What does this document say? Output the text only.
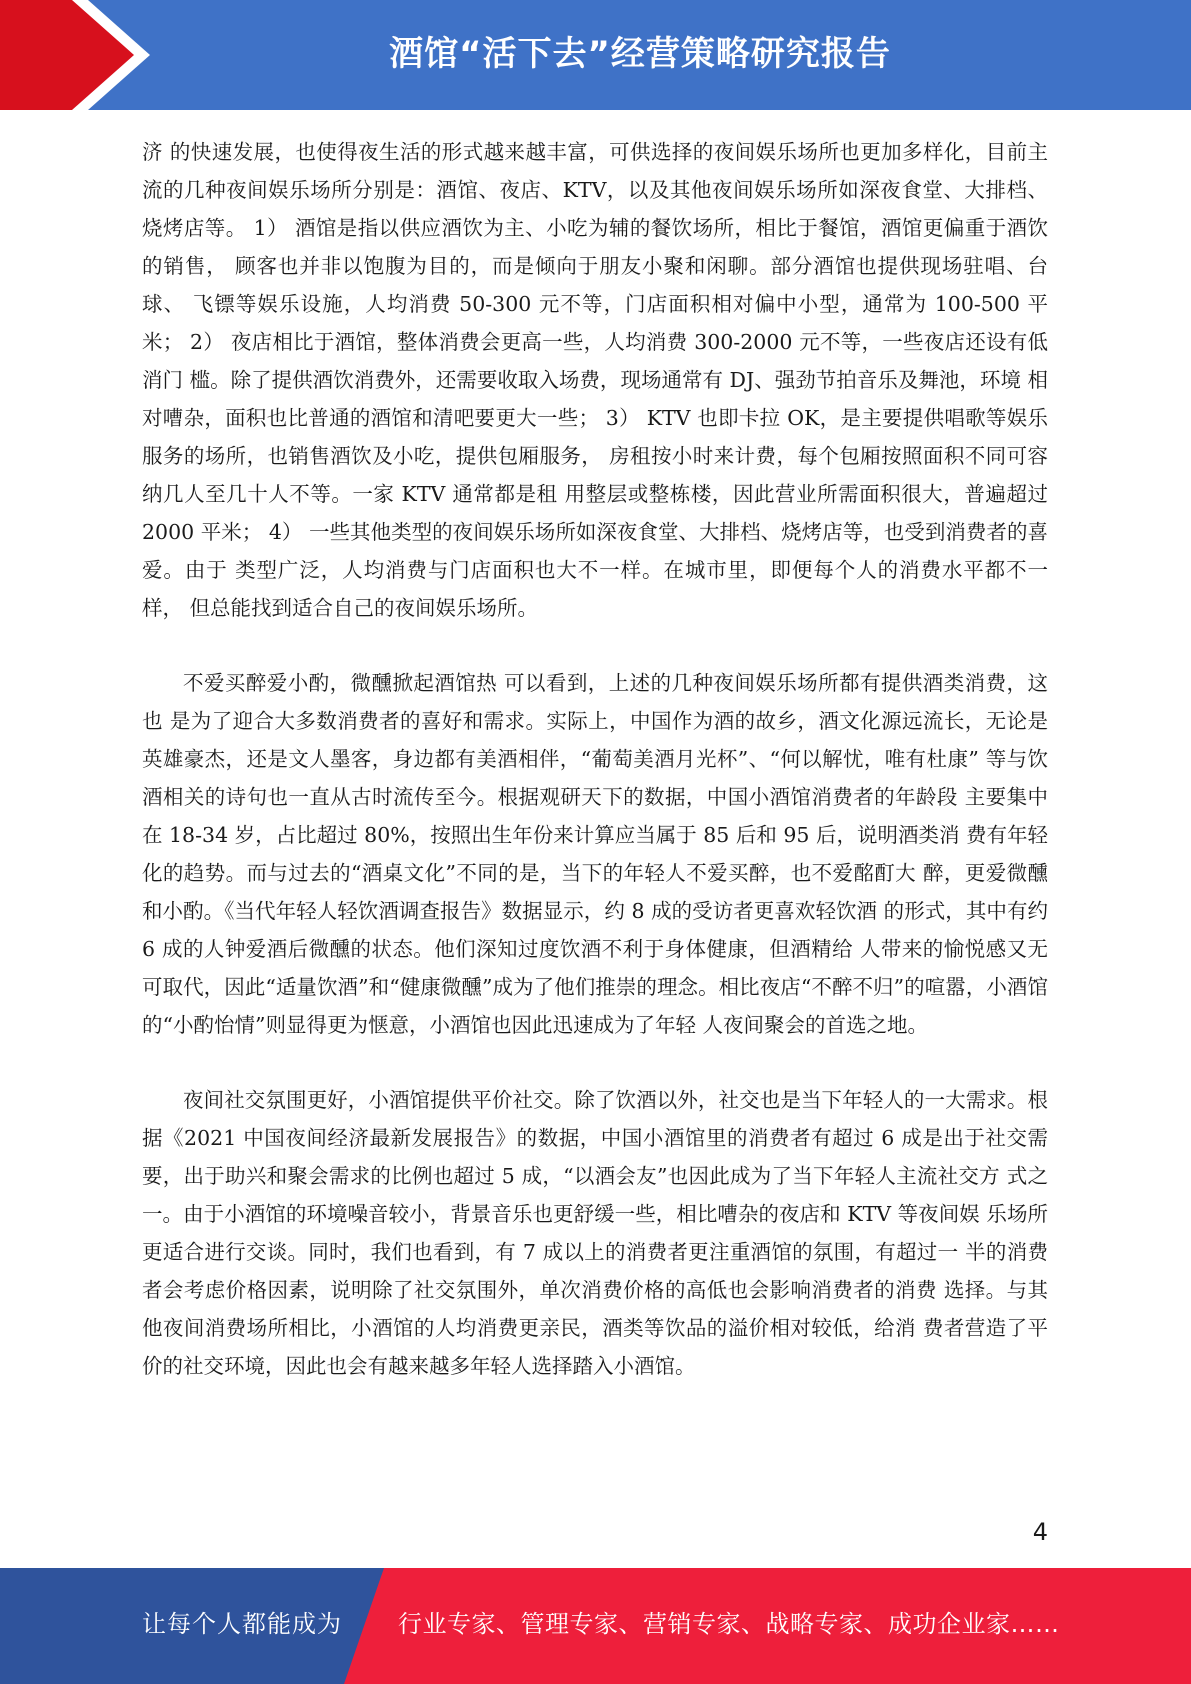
酒馆“活下去”经营策略研究报告

济 的快速发展，也使得夜生活的形式越来越丰富，可供选择的夜间娱乐场所也更加多样化，目前主 流的几种夜间娱乐场所分别是：酒馆、夜店、KTV，以及其他夜间娱乐场所如深夜食堂、大排档、 烧烤店等。 1） 酒馆是指以供应酒饮为主、小吃为辅的餐饮场所，相比于餐馆，酒馆更偏重于酒饮的销售， 顾客也并非以饱腹为目的，而是倾向于朋友小聚和闲聊。部分酒馆也提供现场驻唱、台球、 飞镖等娱乐设施，人均消费 50-300 元不等，门店面积相对偏中小型，通常为 100-500 平米； 2） 夜店相比于酒馆，整体消费会更高一些，人均消费 300-2000 元不等，一些夜店还设有低消门 槛。除了提供酒饮消费外，还需要收取入场费，现场通常有 DJ、强劲节拍音乐及舞池，环境 相对嘈杂，面积也比普通的酒馆和清吧要更大一些； 3） KTV 也即卡拉 OK，是主要提供唱歌等娱乐服务的场所，也销售酒饮及小吃，提供包厢服务， 房租按小时来计费，每个包厢按照面积不同可容纳几人至几十人不等。一家 KTV 通常都是租 用整层或整栋楼，因此营业所需面积很大，普遍超过 2000 平米； 4） 一些其他类型的夜间娱乐场所如深夜食堂、大排档、烧烤店等，也受到消费者的喜爱。由于 类型广泛，人均消费与门店面积也大不一样。在城市里，即便每个人的消费水平都不一样， 但总能找到适合自己的夜间娱乐场所。

不爱买醉爱小酌，微醺掀起酒馆热 可以看到，上述的几种夜间娱乐场所都有提供酒类消费，这也 是为了迎合大多数消费者的喜好和需求。实际上，中国作为酒的故乡，酒文化源远流长，无论是 英雄豪杰，还是文人墨客，身边都有美酒相伴，“葡萄美酒月光杯”、“何以解忧，唯有杜康” 等与饮酒相关的诗句也一直从古时流传至今。根据观研天下的数据，中国小酒馆消费者的年龄段 主要集中在 18-34 岁，占比超过 80%，按照出生年份来计算应当属于 85 后和 95 后，说明酒类消 费有年轻化的趋势。而与过去的“酒桌文化”不同的是，当下的年轻人不爱买醉，也不爱酩酊大 醉，更爱微醺和小酌。《当代年轻人轻饮酒调查报告》数据显示，约 8 成的受访者更喜欢轻饮酒 的形式，其中有约 6 成的人钟爱酒后微醺的状态。他们深知过度饮酒不利于身体健康，但酒精给 人带来的愉悦感又无可取代，因此“适量饮酒”和“健康微醺”成为了他们推崇的理念。相比夜店“不醉不归”的喧嚣，小酒馆的“小酌怡情”则显得更为惬意，小酒馆也因此迅速成为了年轻 人夜间聚会的首选之地。

夜间社交氛围更好，小酒馆提供平价社交。除了饮酒以外，社交也是当下年轻人的一大需求。根 据《2021 中国夜间经济最新发展报告》的数据，中国小酒馆里的消费者有超过 6 成是出于社交需 要，出于助兴和聚会需求的比例也超过 5 成，“以酒会友”也因此成为了当下年轻人主流社交方 式之一。由于小酒馆的环境噪音较小，背景音乐也更舒缓一些，相比嘈杂的夜店和 KTV 等夜间娱 乐场所更适合进行交谈。同时，我们也看到，有 7 成以上的消费者更注重酒馆的氛围，有超过一 半的消费者会考虑价格因素，说明除了社交氛围外，单次消费价格的高低也会影响消费者的消费 选择。与其他夜间消费场所相比，小酒馆的人均消费更亲民，酒类等饮品的溢价相对较低，给消 费者营造了平价的社交环境，因此也会有越来越多年轻人选择踏入小酒馆。

4
让每个人都能成为 行业专家、管理专家、营销专家、战略专家、成功企业家……
